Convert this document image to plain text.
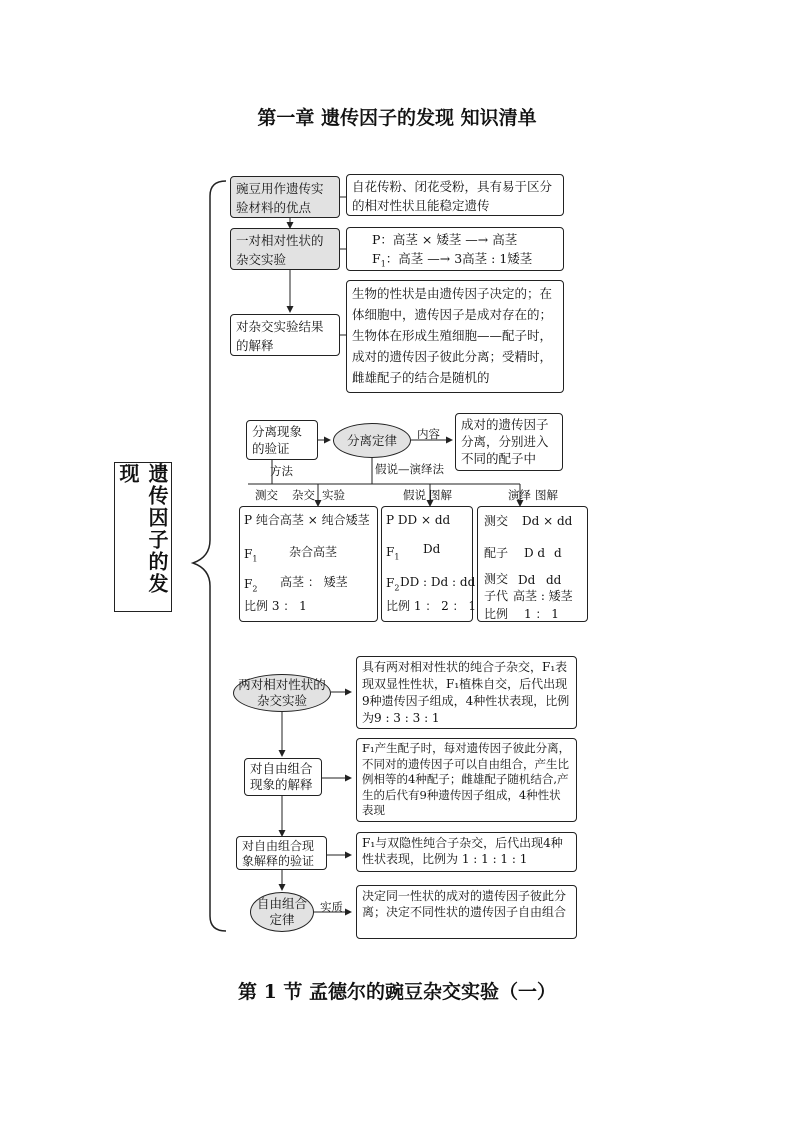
第一章 遗传因子的发现 知识清单
第 1 节 孟德尔的豌豆杂交实验（一）
遗传因子的发现
豌豆用作遗传实验材料的优点
自花传粉、闭花受粉，具有易于区分的相对性状且能稳定遗传
一对相对性状的杂交实验
P：高茎 × 矮茎 —→ 高茎
$F_1$：高茎 —→ 3高茎 : 1矮茎
对杂交实验结果的解释
生物的性状是由遗传因子决定的；在体细胞中，遗传因子是成对存在的；生物体在形成生殖细胞——配子时，成对的遗传因子彼此分离；受精时，雌雄配子的结合是随机的
分离现象的验证
分离定律	内容
成对的遗传因子分离，分别进入不同的配子中
方法	假说—演绎法
测交 杂交 实验	假说 图解	演绎 图解
P 纯合高茎 × 纯合矮茎
$F_1$	杂合高茎
$F_2$ 高茎 ： 矮茎
比例 3 ： 1
P DD × dd
$F_1$
Dd
$F_2$ DD : Dd : dd
比例 1 ： 2 ： 1
测交 Dd × dd
配子 D d d
测交
子代
Dd dd
高茎 : 矮茎
比例 1 ： 1
两对相对性状的杂交实验
具有两对相对性状的纯合子杂交，F₁表现双显性性状，F₁植株自交，后代出现9种遗传因子组成，4种性状表现，比例为9 : 3 : 3 : 1
对自由组合现象的解释
F₁产生配子时，每对遗传因子彼此分离，不同对的遗传因子可以自由组合，产生比例相等的4种配子；雌雄配子随机结合,产生的后代有9种遗传因子组成，4种性状表现
对自由组合现象解释的验证
F₁与双隐性纯合子杂交，后代出现4种性状表现，比例为 1 : 1 : 1 : 1
自由组合定律
实质
决定同一性状的成对的遗传因子彼此分离；决定不同性状的遗传因子自由组合
